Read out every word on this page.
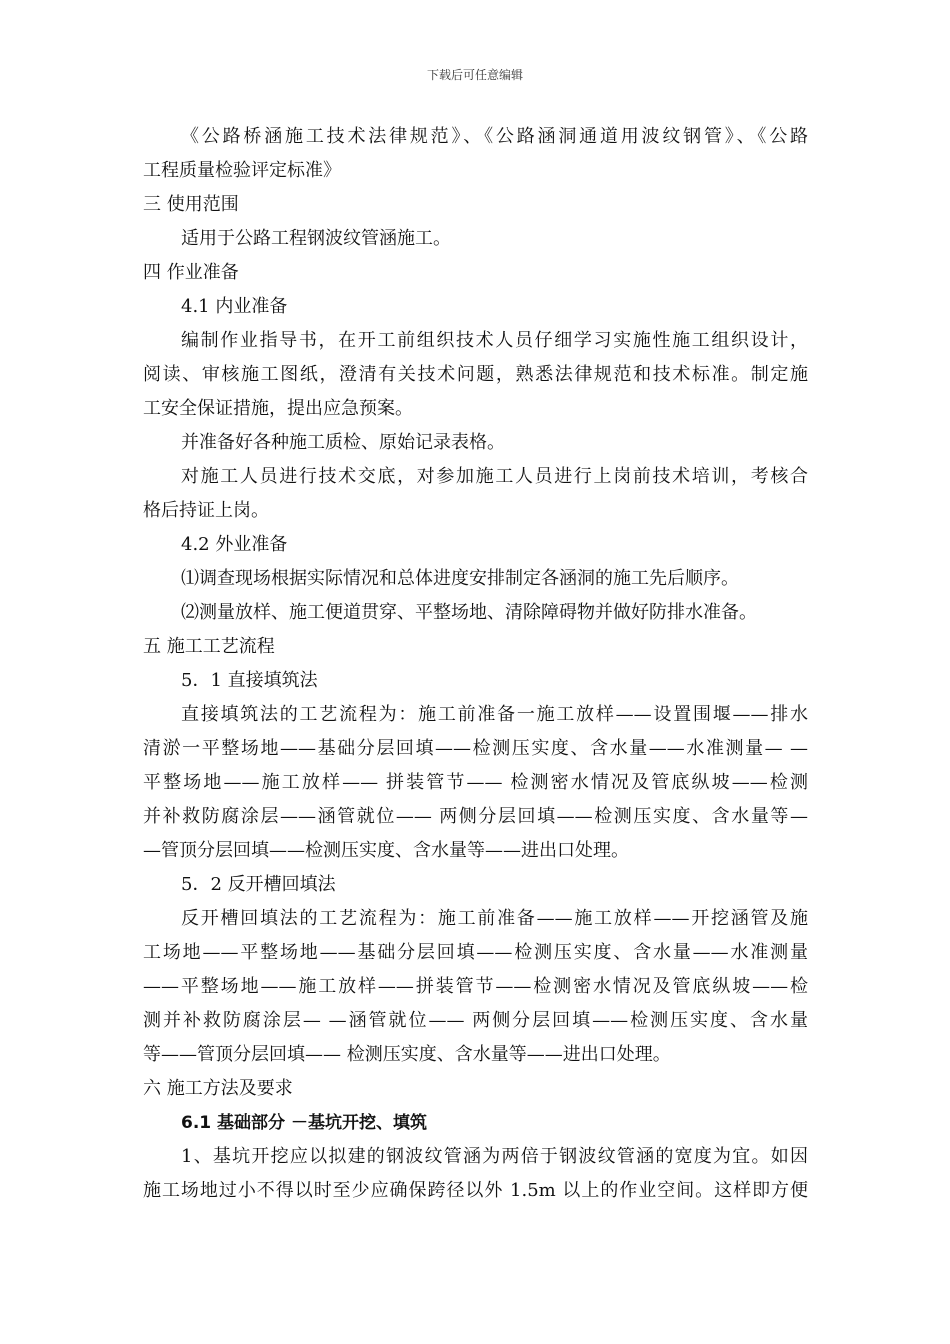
下载后可任意编辑
《公路桥涵施工技术法律规范》、《公路涵洞通道用波纹钢管》、《公路
工程质量检验评定标准》
三 使用范围
适用于公路工程钢波纹管涵施工。
四 作业准备
4.1 内业准备
编制作业指导书，在开工前组织技术人员仔细学习实施性施工组织设计，
阅读、审核施工图纸，澄清有关技术问题，熟悉法律规范和技术标准。制定施
工安全保证措施，提出应急预案。
并准备好各种施工质检、原始记录表格。
对施工人员进行技术交底，对参加施工人员进行上岗前技术培训，考核合
格后持证上岗。
4.2 外业准备
⑴调查现场根据实际情况和总体进度安排制定各涵洞的施工先后顺序。
⑵测量放样、施工便道贯穿、平整场地、清除障碍物并做好防排水准备。
五 施工工艺流程
5．1 直接填筑法
直接填筑法的工艺流程为：施工前准备一施工放样——设置围堰——排水
清淤一平整场地——基础分层回填——检测压实度、含水量——水准测量— —
平整场地——施工放样—— 拼装管节—— 检测密水情况及管底纵坡——检测
并补救防腐涂层——涵管就位—— 两侧分层回填——检测压实度、含水量等—
—管顶分层回填——检测压实度、含水量等——进出口处理。
5．2 反开槽回填法
反开槽回填法的工艺流程为：施工前准备——施工放样——开挖涵管及施
工场地——平整场地——基础分层回填——检测压实度、含水量——水准测量
——平整场地——施工放样——拼装管节——检测密水情况及管底纵坡——检
测并补救防腐涂层— —涵管就位—— 两侧分层回填——检测压实度、含水量
等——管顶分层回填—— 检测压实度、含水量等——进出口处理。
六 施工方法及要求
6.1 基础部分 －基坑开挖、填筑
1、基坑开挖应以拟建的钢波纹管涵为两倍于钢波纹管涵的宽度为宜。如因
施工场地过小不得以时至少应确保跨径以外 1.5m 以上的作业空间。这样即方便
